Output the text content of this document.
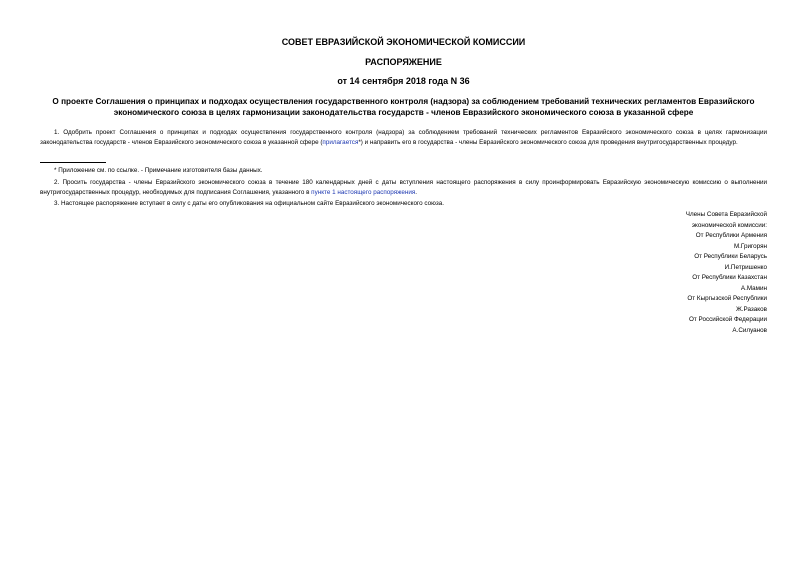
СОВЕТ ЕВРАЗИЙСКОЙ ЭКОНОМИЧЕСКОЙ КОМИССИИ
РАСПОРЯЖЕНИЕ
от 14 сентября 2018 года N 36
О проекте Соглашения о принципах и подходах осуществления государственного контроля (надзора) за соблюдением требований технических регламентов Евразийского экономического союза в целях гармонизации законодательства государств - членов Евразийского экономического союза в указанной сфере
1. Одобрить проект Соглашения о принципах и подходах осуществления государственного контроля (надзора) за соблюдением требований технических регламентов Евразийского экономического союза в целях гармонизации законодательства государств - членов Евразийского экономического союза в указанной сфере (прилагается*) и направить его в государства - члены Евразийского экономического союза для проведения внутригосударственных процедур.
* Приложение см. по ссылке. - Примечание изготовителя базы данных.
2. Просить государства - члены Евразийского экономического союза в течение 180 календарных дней с даты вступления настоящего распоряжения в силу проинформировать Евразийскую экономическую комиссию о выполнении внутригосударственных процедур, необходимых для подписания Соглашения, указанного в пункте 1 настоящего распоряжения.
3. Настоящее распоряжение вступает в силу с даты его опубликования на официальном сайте Евразийского экономического союза.
Члены Совета Евразийской
экономической комиссии:
От Республики Армения
М.Григорян
От Республики Беларусь
И.Петришенко
От Республики Казахстан
А.Мамин
От Кыргызской Республики
Ж.Разаков
От Российской Федерации
А.Силуанов
